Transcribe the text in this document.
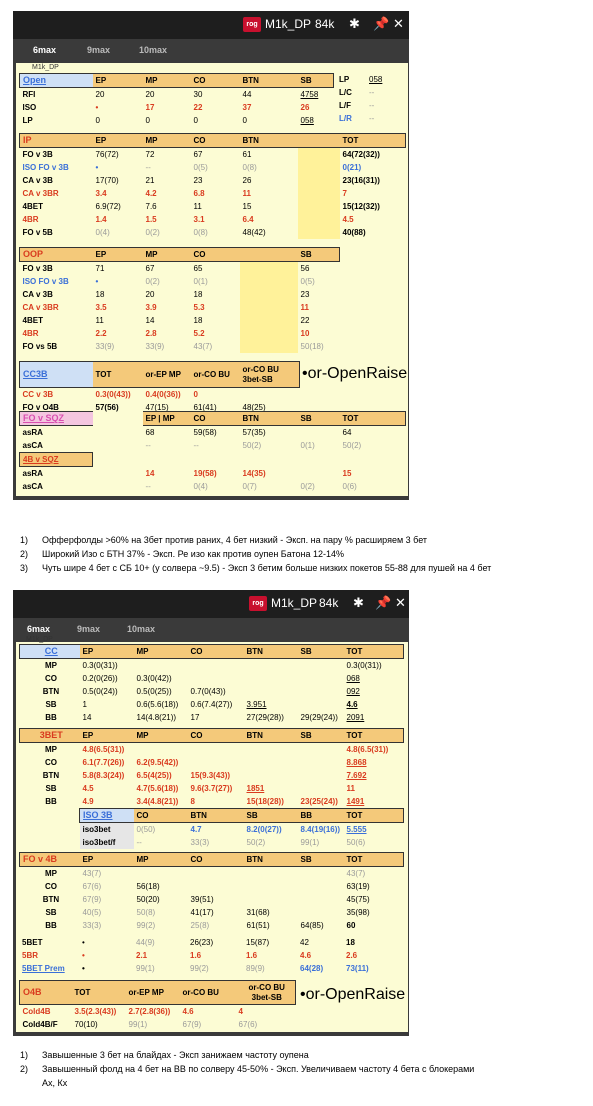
rog M1k_DP 84k ✱ 📌 ✕
6max	9max	10max
M1k_DP
Open	EP	MP	CO	BTN	SB
RFI	20	20	30	44	4758
ISO	•	17	22	37	26
LP	0	0	0	0	058
LP	058
L/C	--
L/F	--
L/R	--
IP	EP	MP	CO	BTN		TOT
FO v 3B	76(72)	72	67	61		64(72(32))
ISO FO v 3B	•	--	0(5)	0(8)		0(21)
CA v 3B	17(70)	21	23	26		23(16(31))
CA v 3BR	3.4	4.2	6.8	11		7
4BET	6.9(72)	7.6	11	15		15(12(32))
4BR	1.4	1.5	3.1	6.4		4.5
FO v 5B	0(4)	0(2)	0(8)	48(42)		40(88)
OOP	EP	MP	CO		SB
FO v 3B	71	67	65		56
ISO FO v 3B	•	0(2)	0(1)		0(5)
CA v 3B	18	20	18		23
CA v 3BR	3.5	3.9	5.3		11
4BET	11	14	18		22
4BR	2.2	2.8	5.2		10
FO vs 5B	33(9)	33(9)	43(7)		50(18)
CC3B	TOT	or-EP MP	or-CO BU	or-CO BU 3bet-SB
CC v 3B	0.3(0(43))	0.4(0(36))	0	
FO v O4B	57(56)	47(15)	61(41)	48(25)
•or-OpenRaise
FO v SQZ		EP | MP	CO	BTN	SB	TOT
asRA		68	59(58)	57(35)		64
asCA		--	--	50(2)	0(1)	50(2)
4B v SQZ						
asRA		14	19(58)	14(35)		15
asCA		--	0(4)	0(7)	0(2)	0(6)
1) Офферфолды >60% на 3бет против раних, 4 бет низкий - Эксп. на пару % расширяем 3 бет
2) Широкий Изо с БТН 37% - Эксп. Ре изо как против оупен Батона 12-14%
3) Чуть шире 4 бет с СБ 10+ (у солвера ~9.5) - Эксп 3 бетим больше низких покетов 55-88 для пушей на 4 бет
rog M1k_DP 84k ✱ 📌 ✕
6max	9max	10max
M1k_DP
CC	EP	MP	CO	BTN	SB	TOT
MP	0.3(0(31))					0.3(0(31))
CO	0.2(0(26))	0.3(0(42))				068
BTN	0.5(0(24))	0.5(0(25))	0.7(0(43))			092
SB	1	0.6(5.6(18))	0.6(7.4(27))	3.951		4.6
BB	14	14(4.8(21))	17	27(29(28))	29(29(24))	2091
3BET	EP	MP	CO	BTN	SB	TOT
MP	4.8(6.5(31))					4.8(6.5(31))
CO	6.1(7.7(26))	6.2(9.5(42))				8.868
BTN	5.8(8.3(24))	6.5(4(25))	15(9.3(43))			7.692
SB	4.5	4.7(5.6(18))	9.6(3.7(27))	1851		11
BB	4.9	3.4(4.8(21))	8	15(18(28))	23(25(24))	1491
ISO 3B	CO	BTN	SB	BB	TOT
iso3bet	0(50)	4.7	8.2(0(27))	8.4(19(16))	5.555
iso3bet/f	--	33(3)	50(2)	99(1)	50(6)
FO v 4B	EP	MP	CO	BTN	SB	TOT
MP	43(7)					43(7)
CO	67(6)	56(18)				63(19)
BTN	67(9)	50(20)	39(51)			45(75)
SB	40(5)	50(8)	41(17)	31(68)		35(98)
BB	33(3)	99(2)	25(8)	61(51)	64(85)	60
5BET	•	44(9)	26(23)	15(87)	42	18
5BR	•	2.1	1.6	1.6	4.6	2.6
5BET Prem	•	99(1)	99(2)	89(9)	64(28)	73(11)
O4B	TOT	or-EP MP	or-CO BU	or-CO BU 3bet-SB
Cold4B	3.5(2.3(43))	2.7(2.8(36))	4.6	4
Cold4B/F	70(10)	99(1)	67(9)	67(6)
•or-OpenRaise
1) Завышенные 3 бет на блайдах - Эксп занижаем частоту оупена
2) Завышенный фолд на 4 бет на ВВ по солверу 45-50% - Эксп. Увеличиваем частоту 4 бета с блокерами Ах, Кх
